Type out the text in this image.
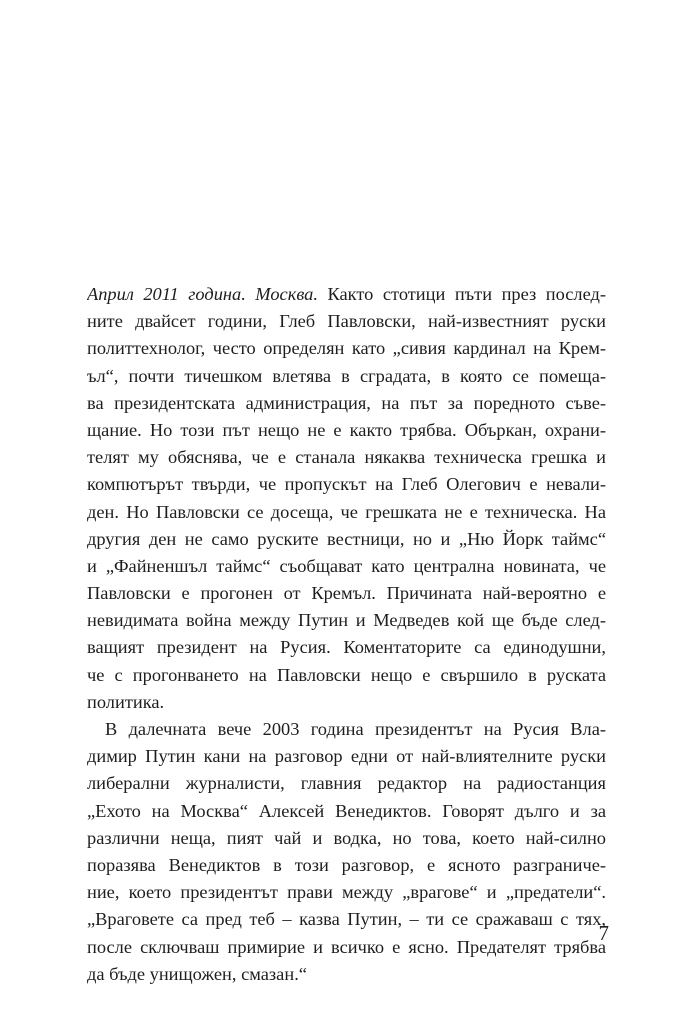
Април 2011 година. Москва. Както стотици пъти през послед-
ните двайсет години, Глеб Павловски, най-известният руски
политтехнолог, често определян като „сивия кардинал на Крем-
ъл“, почти тичешком влетява в сградата, в която се помеща-
ва президентската администрация, на път за поредното съве-
щание. Но този път нещо не е както трябва. Объркан, охрани-
телят му обяснява, че е станала някаква техническа грешка и
компютърът твърди, че пропускът на Глеб Олегович е невали-
ден. Но Павловски се досеща, че грешката не е техническа. На
другия ден не само руските вестници, но и „Ню Йорк таймс“
и „Файненшъл таймс“ съобщават като централна новината, че
Павловски е прогонен от Кремъл. Причината най-вероятно е
невидимата война между Путин и Медведев кой ще бъде след-
ващият президент на Русия. Коментаторите са единодушни,
че с прогонването на Павловски нещо е свършило в руската
политика.
В далечната вече 2003 година президентът на Русия Вла-
димир Путин кани на разговор едни от най-влиятелните руски
либерални журналисти, главния редактор на радиостанция
„Ехото на Москва“ Алексей Венедиктов. Говорят дълго и за
различни неща, пият чай и водка, но това, което най-силно
поразява Венедиктов в този разговор, е ясното разграниче-
ние, което президентът прави между „врагове“ и „предатели“.
„Враговете са пред теб – казва Путин, – ти се сражаваш с тях,
после сключваш примирие и всичко е ясно. Предателят трябва
да бъде унищожен, смазан.“
7
